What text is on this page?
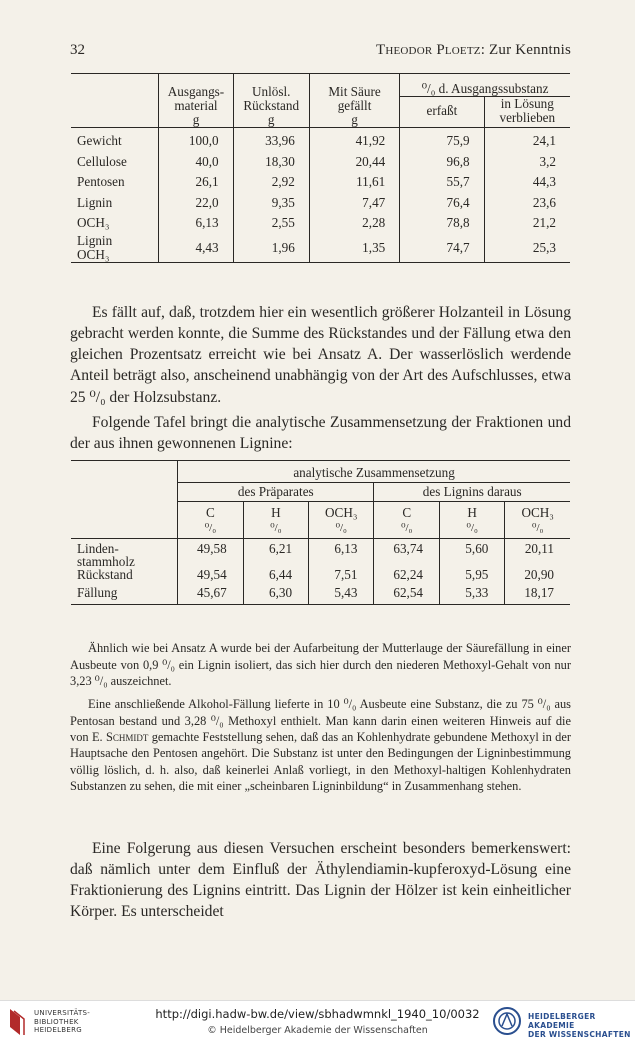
32	Theodor Ploetz: Zur Kenntnis
	Ausgangs-
material
g	Unlösl.
Rückstand
g	Mit Säure
gefällt
g	⁰/₀ d. Ausgangssubstanz	
				erfaßt	in Lösung
verblieben
Gewicht	100,0	33,96	41,92	75,9	24,1
Cellulose	40,0	18,30	20,44	96,8	3,2
Pentosen	26,1	2,92	11,61	55,7	44,3
Lignin	22,0	9,35	7,47	76,4	23,6
OCH₃	6,13	2,55	2,28	78,8	21,2
Lignin OCH₃	4,43	1,96	1,35	74,7	25,3

Es fällt auf, daß, trotzdem hier ein wesentlich größerer Holzanteil in Lösung gebracht werden konnte, die Summe des Rückstandes und der Fällung etwa den gleichen Prozentsatz erreicht wie bei Ansatz A. Der wasserlöslich werdende Anteil beträgt also, anscheinend unabhängig von der Art des Aufschlusses, etwa 25 ⁰/₀ der Holzsubstanz.

Folgende Tafel bringt die analytische Zusammensetzung der Fraktionen und der aus ihnen gewonnenen Lignine:

	analytische Zusammensetzung					
	des Präparates			des Lignins daraus		
	C	H	OCH₃	C	H	OCH₃
	⁰/₀	⁰/₀	⁰/₀	⁰/₀	⁰/₀	⁰/₀

Linden-
stammholz	49,58	6,21	6,13	63,74	5,60	20,11

Rückstand	49,54	6,44	7,51	62,24	5,95	20,90

Fällung	45,67	6,30	5,43	62,54	5,33	18,17

Ähnlich wie bei Ansatz A wurde bei der Aufarbeitung der Mutterlauge der Säurefällung in einer Ausbeute von 0,9 ⁰/₀ ein Lignin isoliert, das sich hier durch den niederen Methoxyl-Gehalt von nur 3,23 ⁰/₀ auszeichnet.

Eine anschließende Alkohol-Fällung lieferte in 10 ⁰/₀ Ausbeute eine Substanz, die zu 75 ⁰/₀ aus Pentosan bestand und 3,28 ⁰/₀ Methoxyl enthielt. Man kann darin einen weiteren Hinweis auf die von E. Schmidt gemachte Feststellung sehen, daß das an Kohlenhydrate gebundene Methoxyl in der Hauptsache den Pentosen angehört. Die Substanz ist unter den Bedingungen der Ligninbestimmung völlig löslich, d. h. also, daß keinerlei Anlaß vorliegt, in den Methoxyl-haltigen Kohlenhydraten Substanzen zu sehen, die mit einer „scheinbaren Ligninbildung“ in Zusammenhang stehen.

Eine Folgerung aus diesen Versuchen erscheint besonders bemerkenswert: daß nämlich unter dem Einfluß der Äthylendiamin-kupferoxyd-Lösung eine Fraktionierung des Lignins eintritt. Das Lignin der Hölzer ist kein einheitlicher Körper. Es unterscheidet

UNIVERSITÄTS-
BIBLIOTHEK
HEIDELBERG
http://digi.hadw-bw.de/view/sbhadwmnkl_1940_10/0032
© Heidelberger Akademie der Wissenschaften
HEIDELBERGER AKADEMIE
DER WISSENSCHAFTEN
